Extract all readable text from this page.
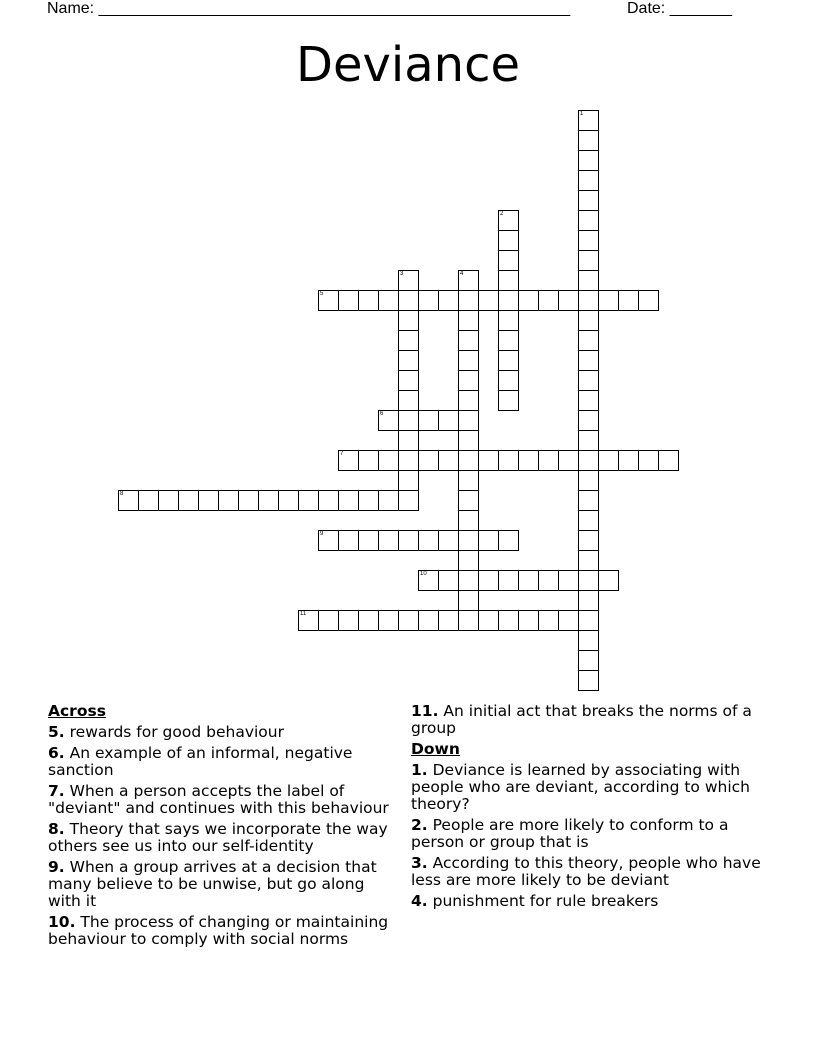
Name: _____________________________________________________	Date: _______
Deviance
1
2
3	4
5
6
7
8
9
10
11
Across
5. rewards for good behaviour
6. An example of an informal, negative sanction
7. When a person accepts the label of "deviant" and continues with this behaviour
8. Theory that says we incorporate the way others see us into our self-identity
9. When a group arrives at a decision that many believe to be unwise, but go along with it
10. The process of changing or maintaining behaviour to comply with social norms
11. An initial act that breaks the norms of a group
Down
1. Deviance is learned by associating with people who are deviant, according to which theory?
2. People are more likely to conform to a person or group that is
3. According to this theory, people who have less are more likely to be deviant
4. punishment for rule breakers
